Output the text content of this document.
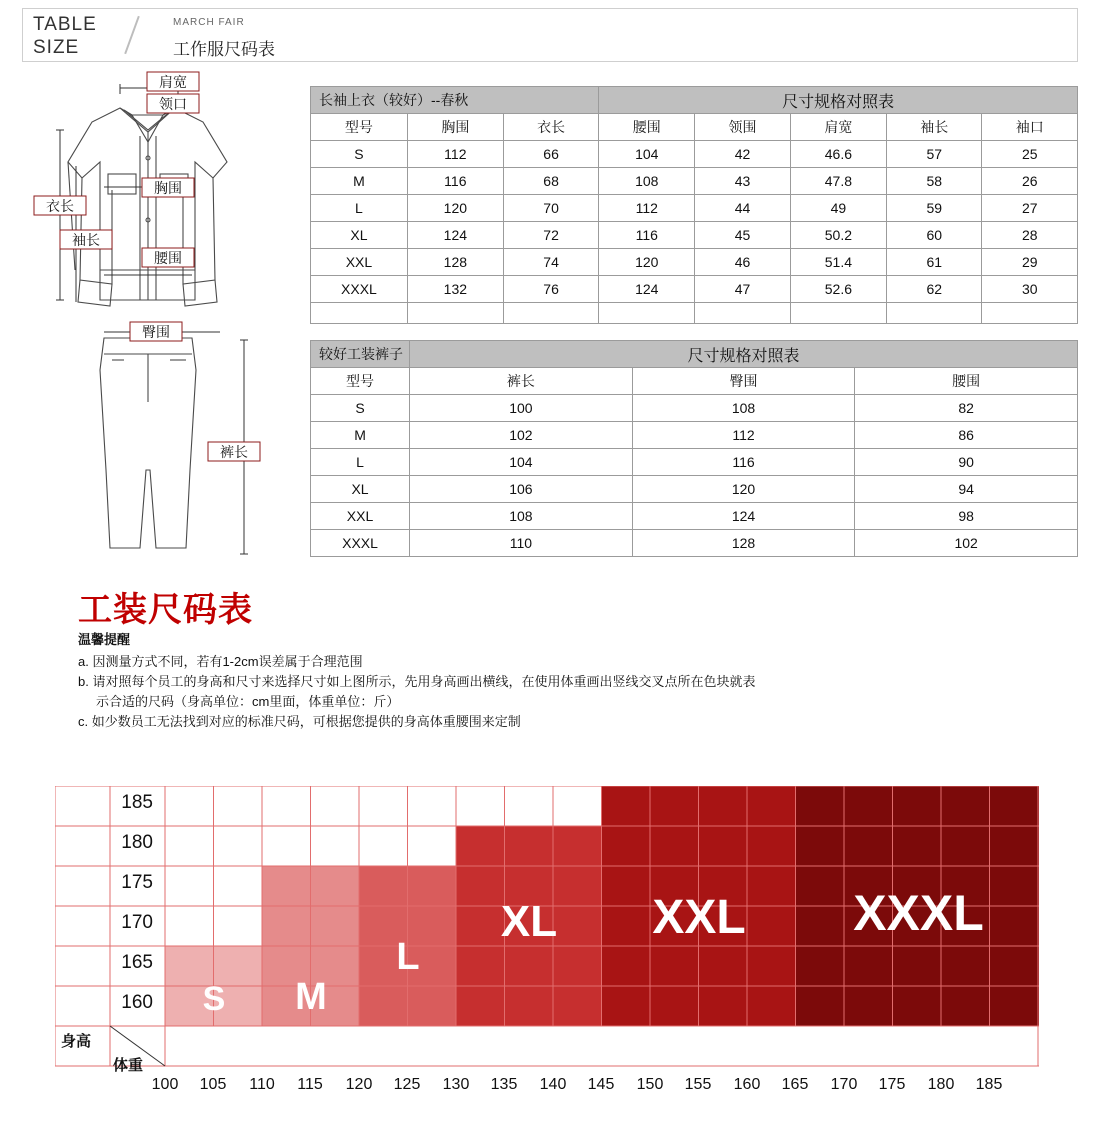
TABLE
SIZE
MARCH FAIR
工作服尺码表
肩宽
领口
胸围
腰围
衣长
袖长
臀围
裤长
长袖上衣（较好）--春秋			尺寸规格对照表				
型号	胸围	衣长	腰围	领围	肩宽	袖长	袖口
S	112	66	104	42	46.6	57	25
M	116	68	108	43	47.8	58	26
L	120	70	112	44	49	59	27
XL	124	72	116	45	50.2	60	28
XXL	128	74	120	46	51.4	61	29
XXXL	132	76	124	47	52.6	62	30

较好工装裤子	尺寸规格对照表		
型号	裤长	臀围	腰围
S	100	108	82
M	102	112	86
L	104	116	90
XL	106	120	94
XXL	108	124	98
XXXL	110	128	102
工装尺码表

温馨提醒

a. 因测量方式不同，若有1-2cm误差属于合理范围

b. 请对照每个员工的身高和尺寸来选择尺寸如上图所示，先用身高画出横线，在使用体重画出竖线交叉点所在色块就表

示合适的尺码（身高单位：cm里面，体重单位：斤）

c. 如少数员工无法找到对应的标准尺码，可根据您提供的身高体重腰围来定制

185
180
175
170
165
160
身高
体重
100	105	110	115	120	125	130	135	140	145	150	155	160	165	170	175	180	185
S	M
L
XL	XXL	XXXL
